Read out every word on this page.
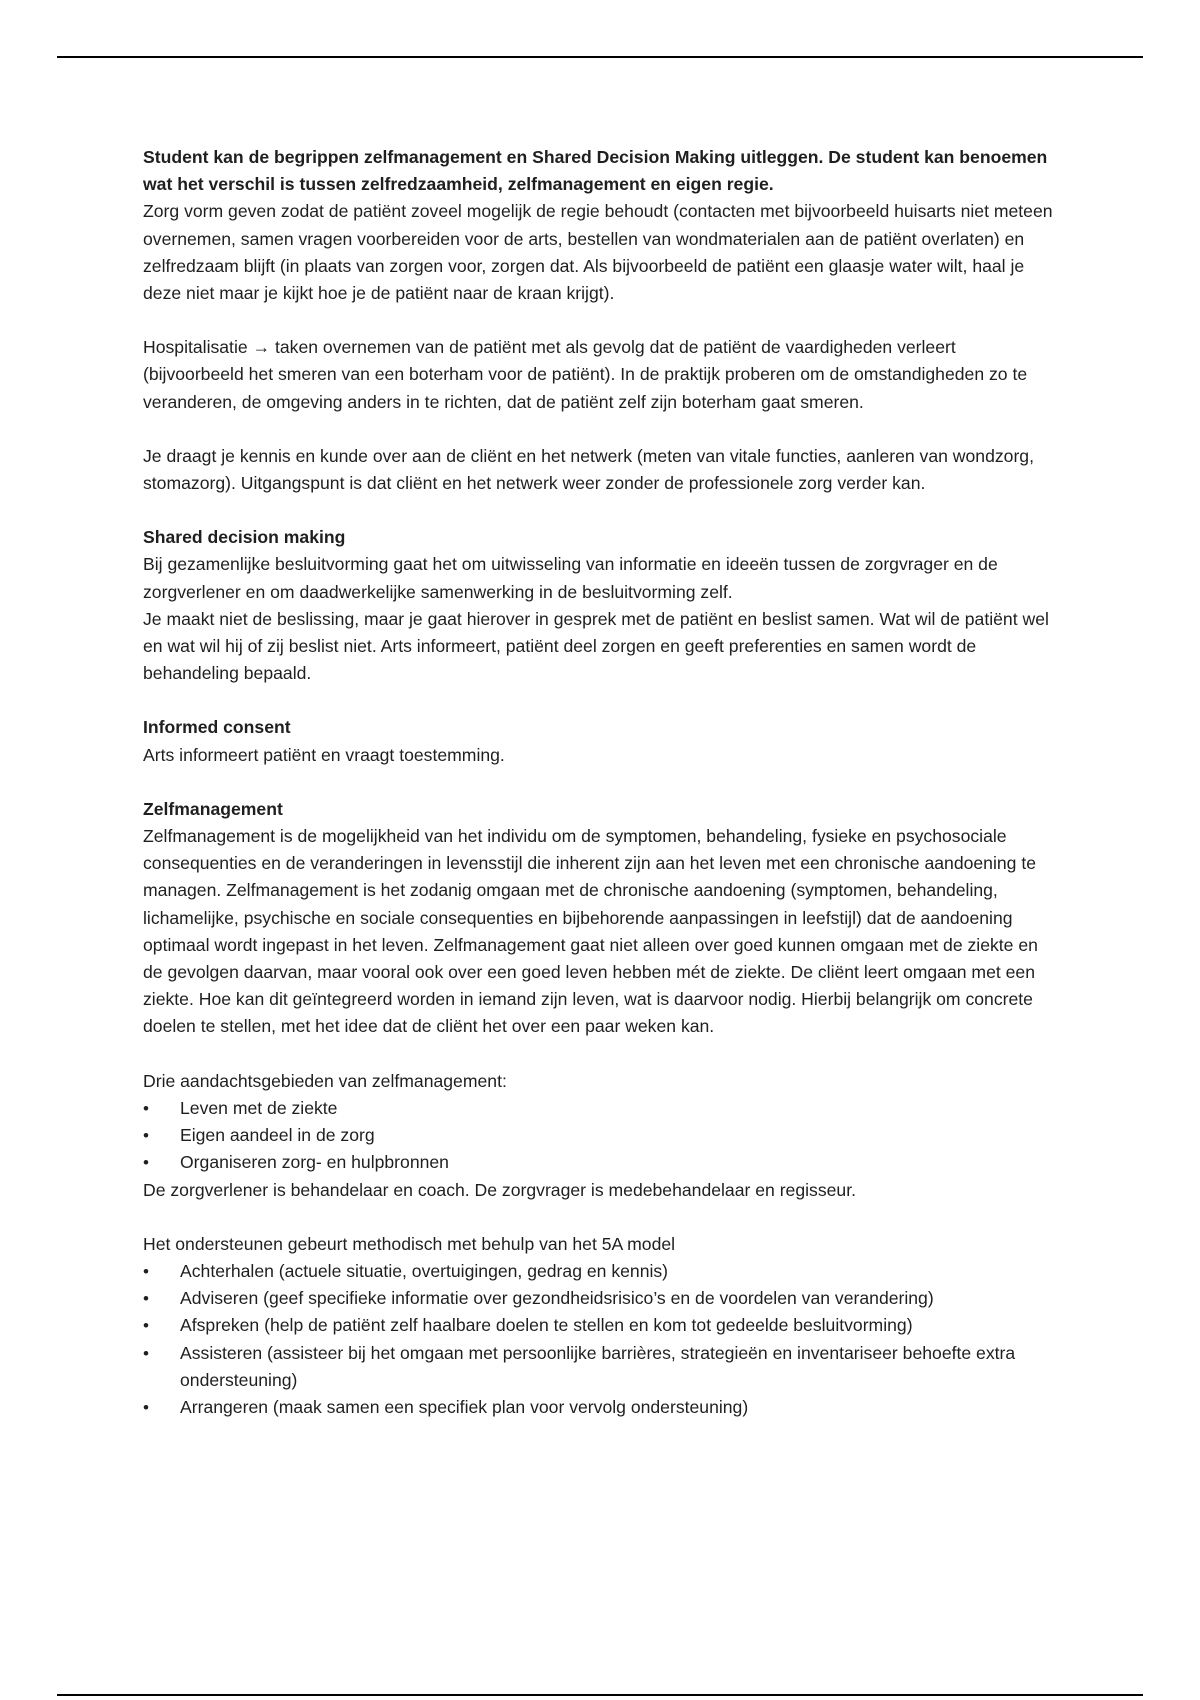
Student kan de begrippen zelfmanagement en Shared Decision Making uitleggen. De student kan benoemen wat het verschil is tussen zelfredzaamheid, zelfmanagement en eigen regie.

Zorg vorm geven zodat de patiënt zoveel mogelijk de regie behoudt (contacten met bijvoorbeeld huisarts niet meteen overnemen, samen vragen voorbereiden voor de arts, bestellen van wondmaterialen aan de patiënt overlaten) en zelfredzaam blijft (in plaats van zorgen voor, zorgen dat. Als bijvoorbeeld de patiënt een glaasje water wilt, haal je deze niet maar je kijkt hoe je de patiënt naar de kraan krijgt).

Hospitalisatie → taken overnemen van de patiënt met als gevolg dat de patiënt de vaardigheden verleert (bijvoorbeeld het smeren van een boterham voor de patiënt). In de praktijk proberen om de omstandigheden zo te veranderen, de omgeving anders in te richten, dat de patiënt zelf zijn boterham gaat smeren.

Je draagt je kennis en kunde over aan de cliënt en het netwerk (meten van vitale functies, aanleren van wondzorg, stomazorg). Uitgangspunt is dat cliënt en het netwerk weer zonder de professionele zorg verder kan.

Shared decision making

Bij gezamenlijke besluitvorming gaat het om uitwisseling van informatie en ideeën tussen de zorgvrager en de zorgverlener en om daadwerkelijke samenwerking in de besluitvorming zelf.

Je maakt niet de beslissing, maar je gaat hierover in gesprek met de patiënt en beslist samen. Wat wil de patiënt wel en wat wil hij of zij beslist niet. Arts informeert, patiënt deel zorgen en geeft preferenties en samen wordt de behandeling bepaald.

Informed consent

Arts informeert patiënt en vraagt toestemming.

Zelfmanagement

Zelfmanagement is de mogelijkheid van het individu om de symptomen, behandeling, fysieke en psychosociale consequenties en de veranderingen in levensstijl die inherent zijn aan het leven met een chronische aandoening te managen. Zelfmanagement is het zodanig omgaan met de chronische aandoening (symptomen, behandeling, lichamelijke, psychische en sociale consequenties en bijbehorende aanpassingen in leefstijl) dat de aandoening optimaal wordt ingepast in het leven. Zelfmanagement gaat niet alleen over goed kunnen omgaan met de ziekte en de gevolgen daarvan, maar vooral ook over een goed leven hebben mét de ziekte. De cliënt leert omgaan met een ziekte. Hoe kan dit geïntegreerd worden in iemand zijn leven, wat is daarvoor nodig. Hierbij belangrijk om concrete doelen te stellen, met het idee dat de cliënt het over een paar weken kan.

Drie aandachtsgebieden van zelfmanagement:

•	Leven met de ziekte
•	Eigen aandeel in de zorg
•	Organiseren zorg- en hulpbronnen

De zorgverlener is behandelaar en coach. De zorgvrager is medebehandelaar en regisseur.

Het ondersteunen gebeurt methodisch met behulp van het 5A model

•	Achterhalen (actuele situatie, overtuigingen, gedrag en kennis)
•	Adviseren (geef specifieke informatie over gezondheidsrisico’s en de voordelen van verandering)
•	Afspreken (help de patiënt zelf haalbare doelen te stellen en kom tot gedeelde besluitvorming)
•	Assisteren (assisteer bij het omgaan met persoonlijke barrières, strategieën en inventariseer behoefte extra ondersteuning)
•	Arrangeren (maak samen een specifiek plan voor vervolg ondersteuning)
